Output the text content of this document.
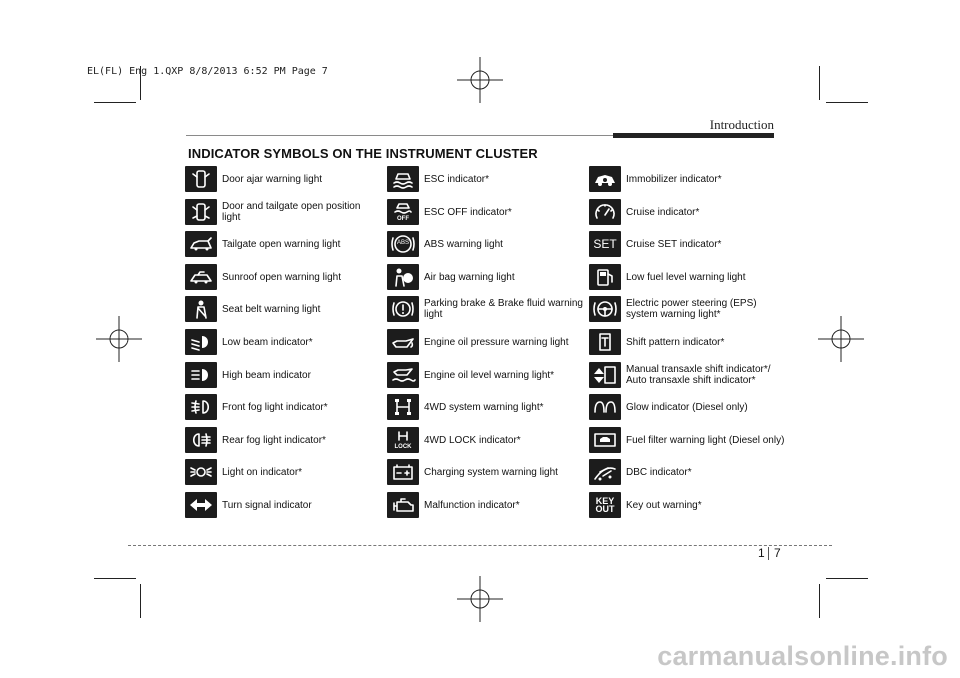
EL(FL) Eng 1.QXP 8/8/2013 6:52 PM Page 7
Introduction
INDICATOR SYMBOLS ON THE INSTRUMENT CLUSTER
Door ajar warning light
Door and tailgate open position light
Tailgate open warning light
Sunroof open warning light
Seat belt warning light
Low beam indicator*
High beam indicator
Front fog light indicator*
Rear fog light indicator*
Light on indicator*
Turn signal indicator
ESC indicator*
OFF
ESC OFF indicator*
ABS	ABS warning light
Air bag warning light
Parking brake & Brake fluid warning light
Engine oil pressure warning light
Engine oil level warning light*
4WD system warning light*
LOCK
4WD LOCK indicator*
Charging system warning light
Malfunction indicator*
Immobilizer indicator*
Cruise indicator*
SET Cruise SET indicator*
Low fuel level warning light
Electric power steering (EPS) system warning light*
Shift pattern indicator*
Manual transaxle shift indicator*/ Auto transaxle shift indicator*
Glow indicator (Diesel only)
Fuel filter warning light (Diesel only)
DBC indicator*
KEY OUT	Key out warning*
1 7
carmanualsonline.info
